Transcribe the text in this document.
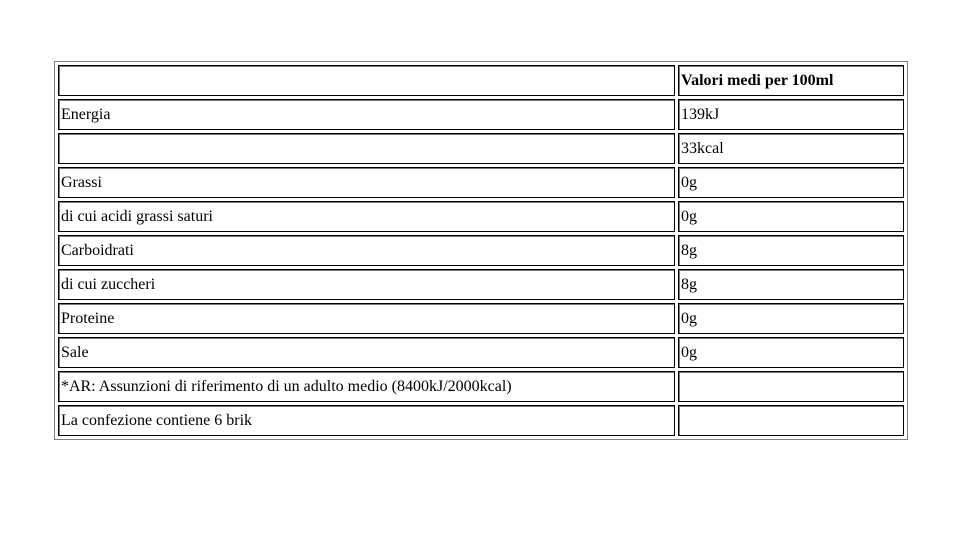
	Valori medi per 100ml
Energia	139kJ
	33kcal
Grassi	0g
di cui acidi grassi saturi	0g
Carboidrati	8g
di cui zuccheri	8g
Proteine	0g
Sale	0g
*AR: Assunzioni di riferimento di un adulto medio (8400kJ/2000kcal)	
La confezione contiene 6 brik	
